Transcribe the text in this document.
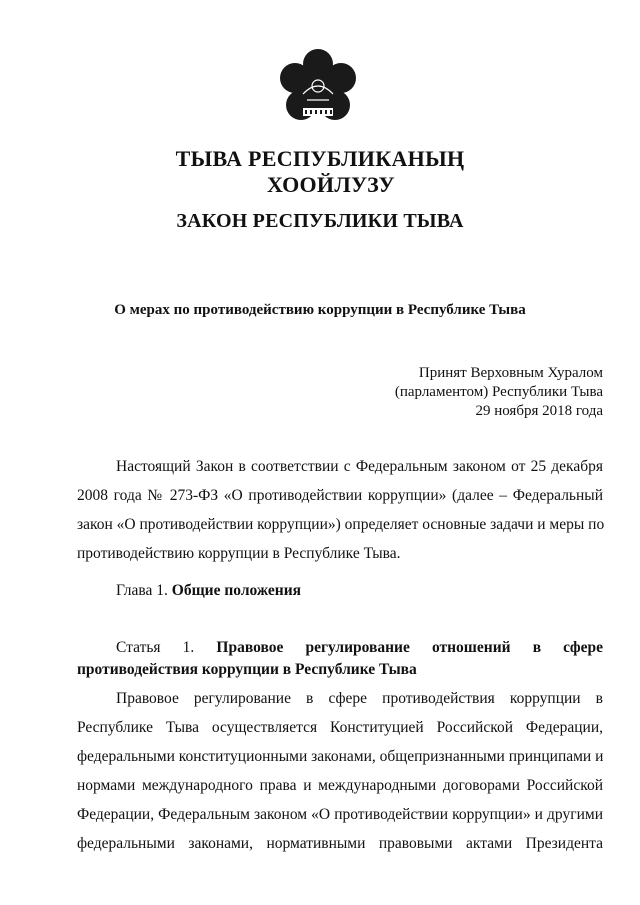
ТЫВА РЕСПУБЛИКАНЫҢ
ХООЙЛУЗУ
ЗАКОН РЕСПУБЛИКИ ТЫВА
О мерах по противодействию коррупции в Республике Тыва
Принят Верховным Хуралом
(парламентом) Республики Тыва
29 ноября 2018 года
Настоящий Закон в соответствии с Федеральным законом от 25 декабря
2008 года № 273-ФЗ «О противодействии коррупции» (далее – Федеральный
закон «О противодействии коррупции») определяет основные задачи и меры по
противодействию коррупции в Республике Тыва.
Глава 1. Общие положения
Статья 1. Правовое регулирование отношений в сфере
противодействия коррупции в Республике Тыва
Правовое регулирование в сфере противодействия коррупции в
Республике Тыва осуществляется Конституцией Российской Федерации,
федеральными конституционными законами, общепризнанными принципами и
нормами международного права и международными договорами Российской
Федерации, Федеральным законом «О противодействии коррупции» и другими
федеральными законами, нормативными правовыми актами Президента
